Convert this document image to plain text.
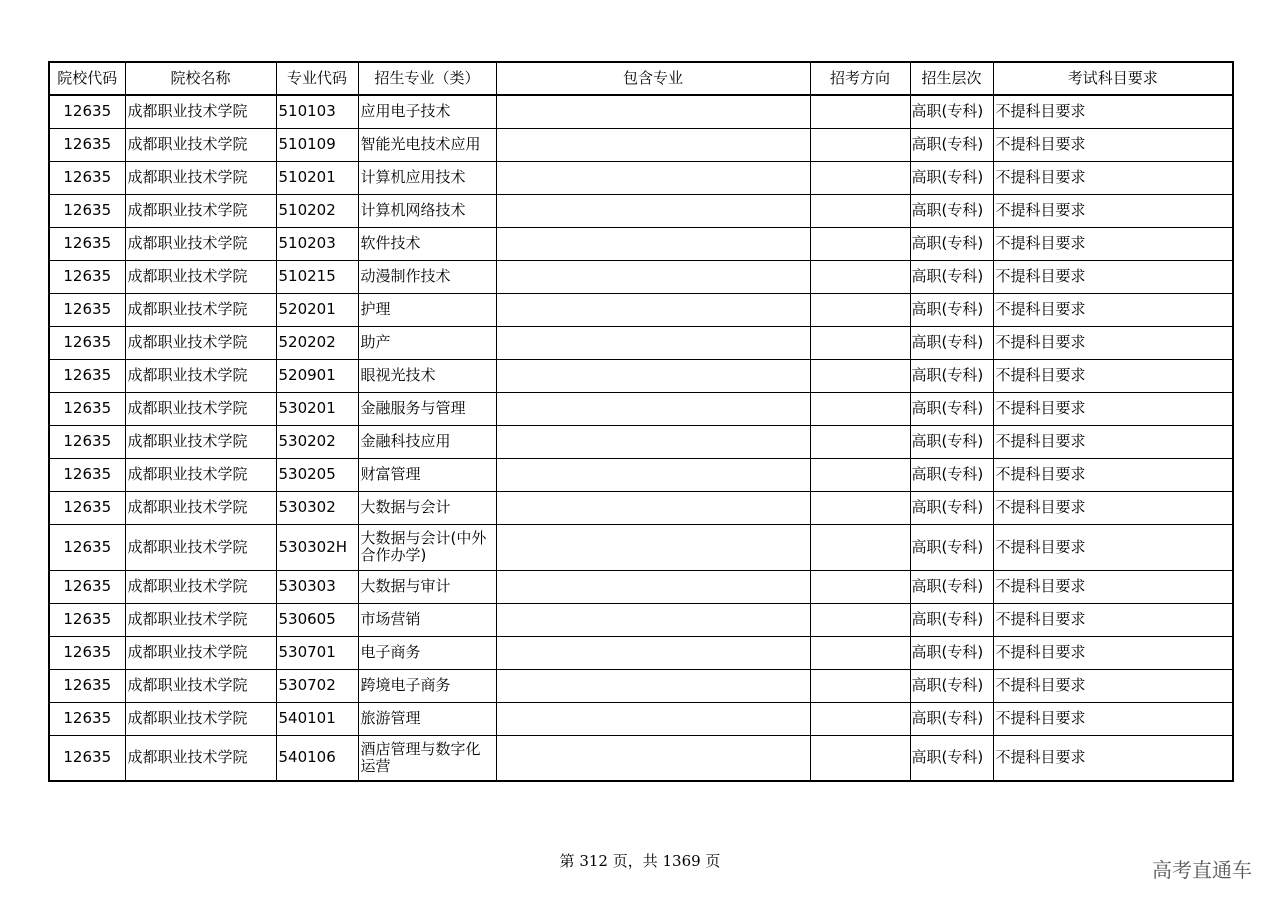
院校代码	院校名称	专业代码	招生专业（类）	包含专业	招考方向	招生层次	考试科目要求
12635	成都职业技术学院	510103	应用电子技术			高职(专科)	不提科目要求
12635	成都职业技术学院	510109	智能光电技术应用			高职(专科)	不提科目要求
12635	成都职业技术学院	510201	计算机应用技术			高职(专科)	不提科目要求
12635	成都职业技术学院	510202	计算机网络技术			高职(专科)	不提科目要求
12635	成都职业技术学院	510203	软件技术			高职(专科)	不提科目要求
12635	成都职业技术学院	510215	动漫制作技术			高职(专科)	不提科目要求
12635	成都职业技术学院	520201	护理			高职(专科)	不提科目要求
12635	成都职业技术学院	520202	助产			高职(专科)	不提科目要求
12635	成都职业技术学院	520901	眼视光技术			高职(专科)	不提科目要求
12635	成都职业技术学院	530201	金融服务与管理			高职(专科)	不提科目要求
12635	成都职业技术学院	530202	金融科技应用			高职(专科)	不提科目要求
12635	成都职业技术学院	530205	财富管理			高职(专科)	不提科目要求
12635	成都职业技术学院	530302	大数据与会计			高职(专科)	不提科目要求
12635	成都职业技术学院	530302H	大数据与会计(中外合作办学)			高职(专科)	不提科目要求
12635	成都职业技术学院	530303	大数据与审计			高职(专科)	不提科目要求
12635	成都职业技术学院	530605	市场营销			高职(专科)	不提科目要求
12635	成都职业技术学院	530701	电子商务			高职(专科)	不提科目要求
12635	成都职业技术学院	530702	跨境电子商务			高职(专科)	不提科目要求
12635	成都职业技术学院	540101	旅游管理			高职(专科)	不提科目要求
12635	成都职业技术学院	540106	酒店管理与数字化运营			高职(专科)	不提科目要求
第 312 页，共 1369 页	高考直通车
